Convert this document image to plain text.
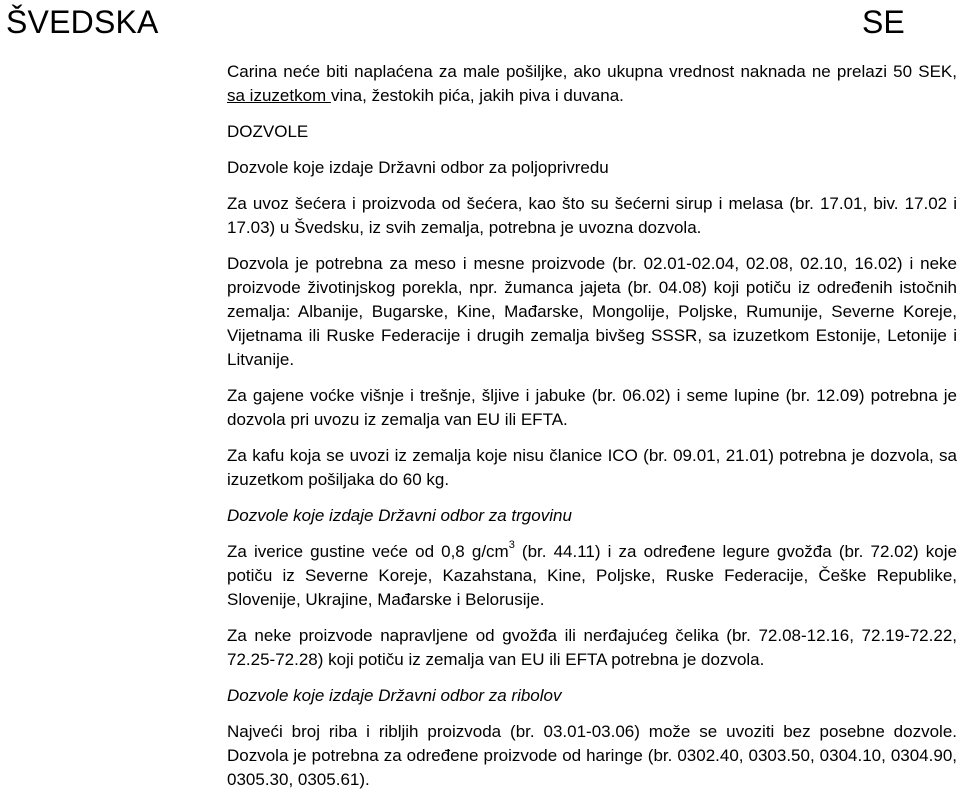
ŠVEDSKA	SE

Carina neće biti naplaćena za male pošiljke, ako ukupna vrednost naknada ne prelazi 50 SEK, sa izuzetkom vina, žestokih pića, jakih piva i duvana.

DOZVOLE

Dozvole koje izdaje Državni odbor za poljoprivredu

Za uvoz šećera i proizvoda od šećera, kao što su šećerni sirup i melasa (br. 17.01, biv. 17.02 i 17.03) u Švedsku, iz svih zemalja, potrebna je uvozna dozvola.

Dozvola je potrebna za meso i mesne proizvode (br. 02.01-02.04, 02.08, 02.10, 16.02) i neke proizvode životinjskog porekla, npr. žumanca jajeta (br. 04.08) koji potiču iz određenih istočnih zemalja: Albanije, Bugarske, Kine, Mađarske, Mongolije, Poljske, Rumunije, Severne Koreje, Vijetnama ili Ruske Federacije i drugih zemalja bivšeg SSSR, sa izuzetkom Estonije, Letonije i Litvanije.

Za gajene voćke višnje i trešnje, šljive i jabuke (br. 06.02) i seme lupine (br. 12.09) potrebna je dozvola pri uvozu iz zemalja van EU ili EFTA.

Za kafu koja se uvozi iz zemalja koje nisu članice ICO (br. 09.01, 21.01) potrebna je dozvola, sa izuzetkom pošiljaka do 60 kg.

Dozvole koje izdaje Državni odbor za trgovinu

Za iverice gustine veće od 0,8 $g/cm^3$ (br. 44.11) i za određene legure gvožđa (br. 72.02) koje potiču iz Severne Koreje, Kazahstana, Kine, Poljske, Ruske Federacije, Češke Republike, Slovenije, Ukrajine, Mađarske i Belorusije.

Za neke proizvode napravljene od gvožđa ili nerđajućeg čelika (br. 72.08-12.16, 72.19-72.22, 72.25-72.28) koji potiču iz zemalja van EU ili EFTA potrebna je dozvola.

Dozvole koje izdaje Državni odbor za ribolov

Najveći broj riba i ribljih proizvoda (br. 03.01-03.06) može se uvoziti bez posebne dozvole. Dozvola je potrebna za određene proizvode od haringe (br. 0302.40, 0303.50, 0304.10, 0304.90, 0305.30, 0305.61).
